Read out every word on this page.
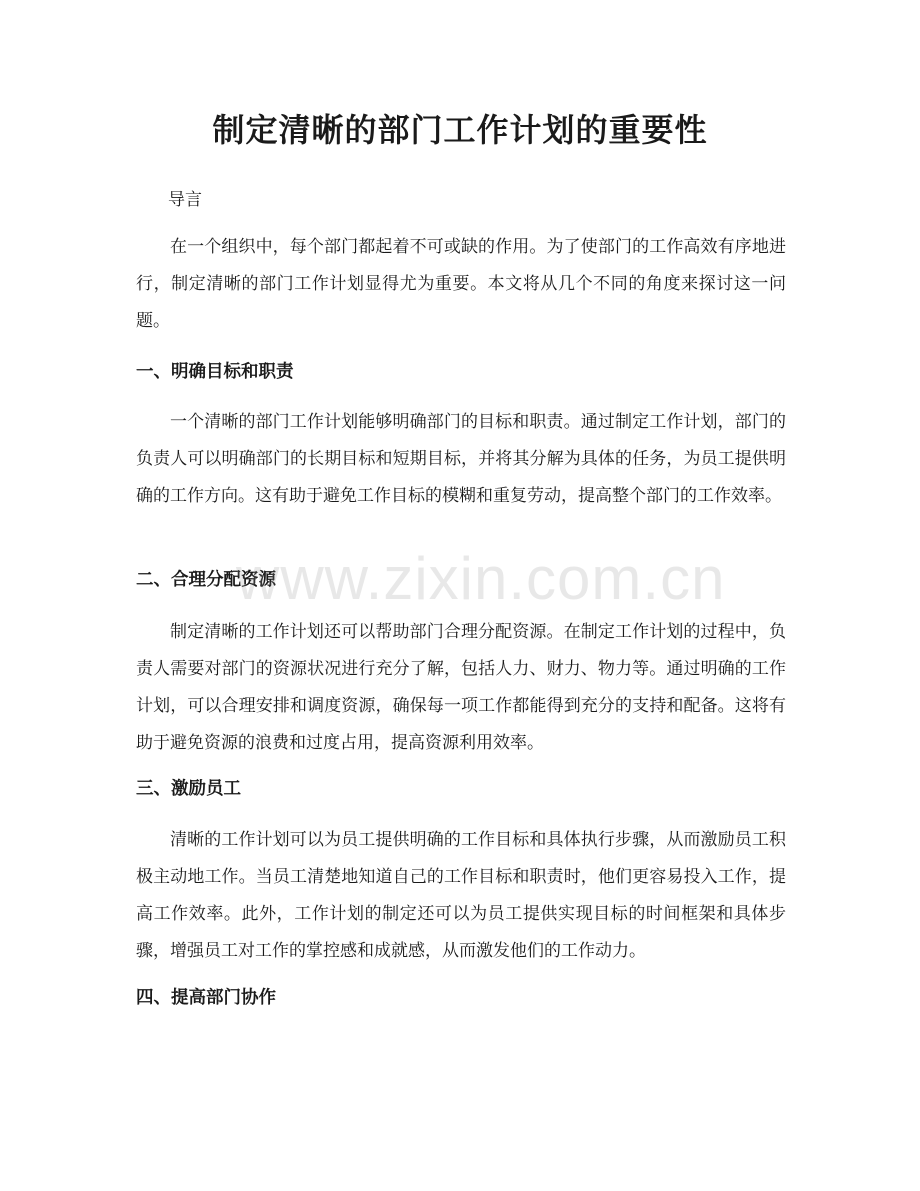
制定清晰的部门工作计划的重要性

导言

在一个组织中，每个部门都起着不可或缺的作用。为了使部门的工作高效有序地进行，制定清晰的部门工作计划显得尤为重要。本文将从几个不同的角度来探讨这一问题。

一、明确目标和职责

一个清晰的部门工作计划能够明确部门的目标和职责。通过制定工作计划，部门的负责人可以明确部门的长期目标和短期目标，并将其分解为具体的任务，为员工提供明确的工作方向。这有助于避免工作目标的模糊和重复劳动，提高整个部门的工作效率。

二、合理分配资源

制定清晰的工作计划还可以帮助部门合理分配资源。在制定工作计划的过程中，负责人需要对部门的资源状况进行充分了解，包括人力、财力、物力等。通过明确的工作计划，可以合理安排和调度资源，确保每一项工作都能得到充分的支持和配备。这将有助于避免资源的浪费和过度占用，提高资源利用效率。

三、激励员工

清晰的工作计划可以为员工提供明确的工作目标和具体执行步骤，从而激励员工积极主动地工作。当员工清楚地知道自己的工作目标和职责时，他们更容易投入工作，提高工作效率。此外，工作计划的制定还可以为员工提供实现目标的时间框架和具体步骤，增强员工对工作的掌控感和成就感，从而激发他们的工作动力。

四、提高部门协作

www.zixin.com.cn
